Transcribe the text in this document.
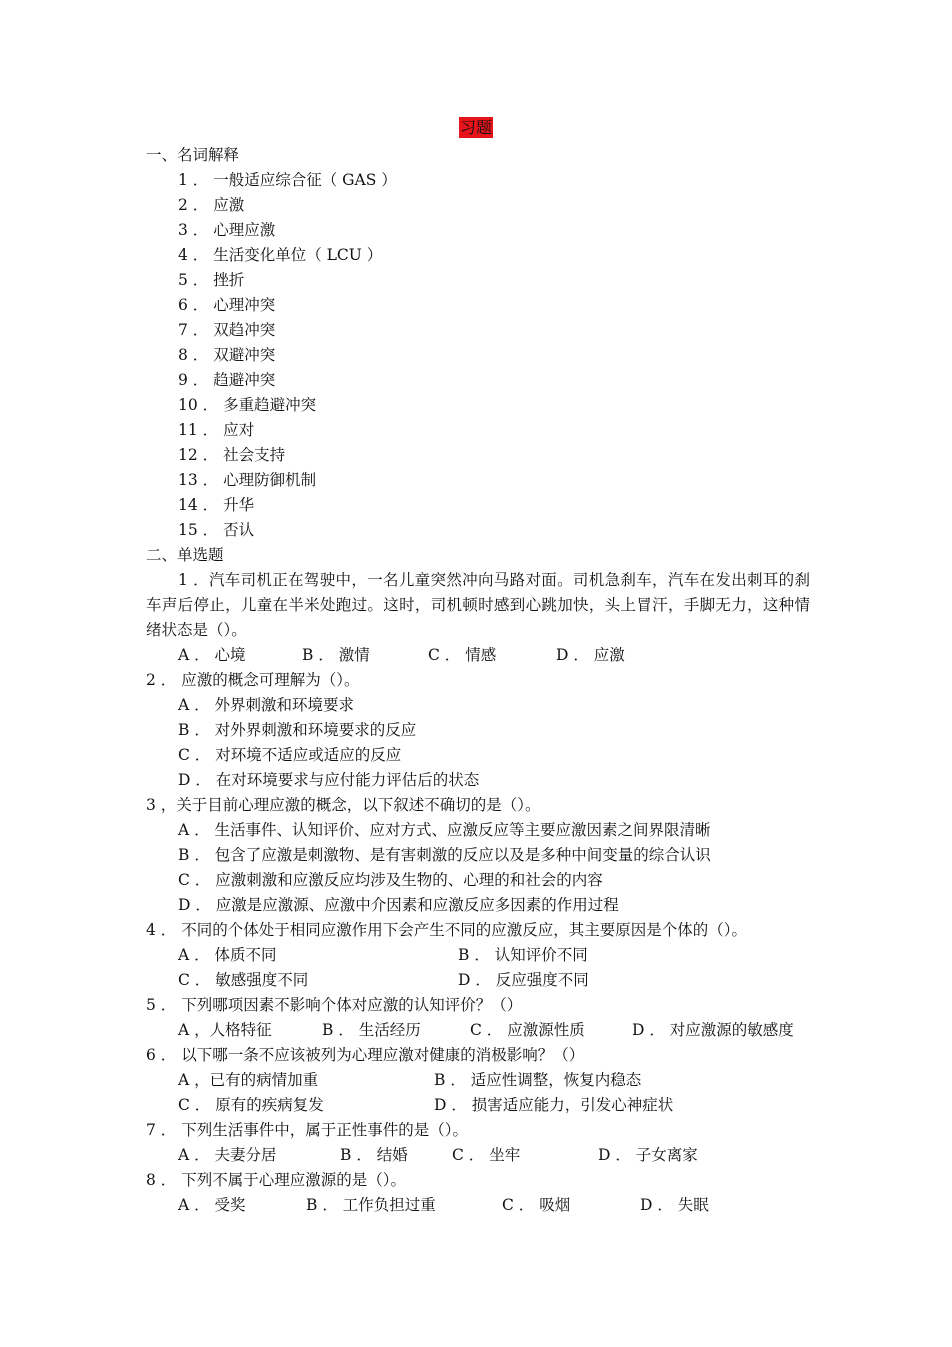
习题
一、名词解释
1 ． 一般适应综合征（ GAS ）
2 ． 应激
3 ． 心理应激
4 ． 生活变化单位（ LCU ）
5 ． 挫折
6 ． 心理冲突
7 ． 双趋冲突
8 ． 双避冲突
9 ． 趋避冲突
10 ． 多重趋避冲突
11 ． 应对
12 ． 社会支持
13 ． 心理防御机制
14 ． 升华
15 ． 否认
二、单选题
1 ．汽车司机正在驾驶中，一名儿童突然冲向马路对面。司机急刹车，汽车在发出刺耳的刹车声后停止，儿童在半米处跑过。这时，司机顿时感到心跳加快，头上冒汗，手脚无力，这种情绪状态是（）。
A ． 心境	B ． 激情	C ． 情感	D ． 应激
2 ． 应激的概念可理解为（）。
A ． 外界刺激和环境要求
B ． 对外界刺激和环境要求的反应
C ． 对环境不适应或适应的反应
D ． 在对环境要求与应付能力评估后的状态
3 ，关于目前心理应激的概念，以下叙述不确切的是（）。
A ． 生活事件、认知评价、应对方式、应激反应等主要应激因素之间界限清晰
B ． 包含了应激是刺激物、是有害刺激的反应以及是多种中间变量的综合认识
C ． 应激刺激和应激反应均涉及生物的、心理的和社会的内容
D ． 应激是应激源、应激中介因素和应激反应多因素的作用过程
4 ． 不同的个体处于相同应激作用下会产生不同的应激反应，其主要原因是个体的（）。
A ． 体质不同	B ． 认知评价不同
C ． 敏感强度不同	D ． 反应强度不同
5 ． 下列哪项因素不影响个体对应激的认知评价？（）
A ，人格特征	B ． 生活经历	C ． 应激源性质	D ． 对应激源的敏感度
6 ． 以下哪一条不应该被列为心理应激对健康的消极影响？（）
A ，已有的病情加重	B ． 适应性调整，恢复内稳态
C ． 原有的疾病复发	D ． 损害适应能力，引发心神症状
7 ． 下列生活事件中，属于正性事件的是（）。
A ． 夫妻分居	B ． 结婚	C ． 坐牢	D ． 子女离家
8 ． 下列不属于心理应激源的是（）。
A ． 受奖	B ． 工作负担过重	C ． 吸烟	D ． 失眠
